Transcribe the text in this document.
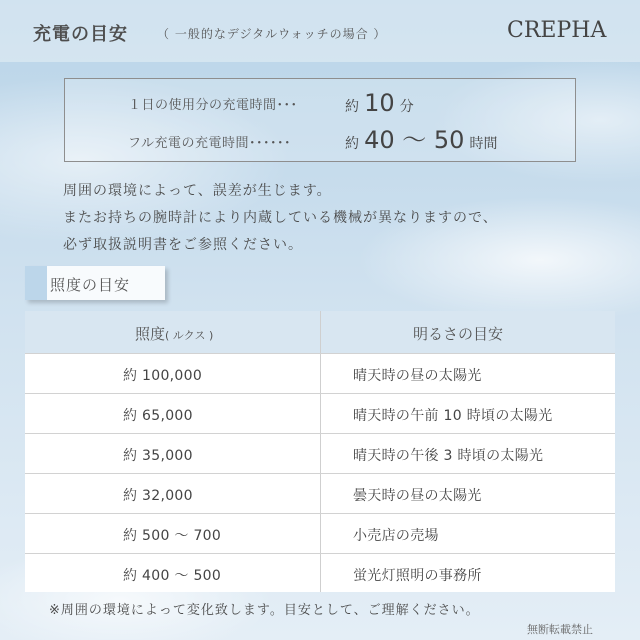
充電の目安 （ 一般的なデジタルウォッチの場合 ）	CREPHA
１日の使用分の充電時間･･･	約 10 分
フル充電の充電時間･･････	約 40 ～ 50 時間
周囲の環境によって、誤差が生じます。
またお持ちの腕時計により内蔵している機械が異なりますので、
必ず取扱説明書をご参照ください。
照度の目安
照度( ルクス )	明るさの目安
約 100,000	晴天時の昼の太陽光
約 65,000	晴天時の午前 10 時頃の太陽光
約 35,000	晴天時の午後 3 時頃の太陽光
約 32,000	曇天時の昼の太陽光
約 500 ～ 700	小売店の売場
約 400 ～ 500	蛍光灯照明の事務所
※周囲の環境によって変化致します。目安として、ご理解ください。
無断転載禁止
